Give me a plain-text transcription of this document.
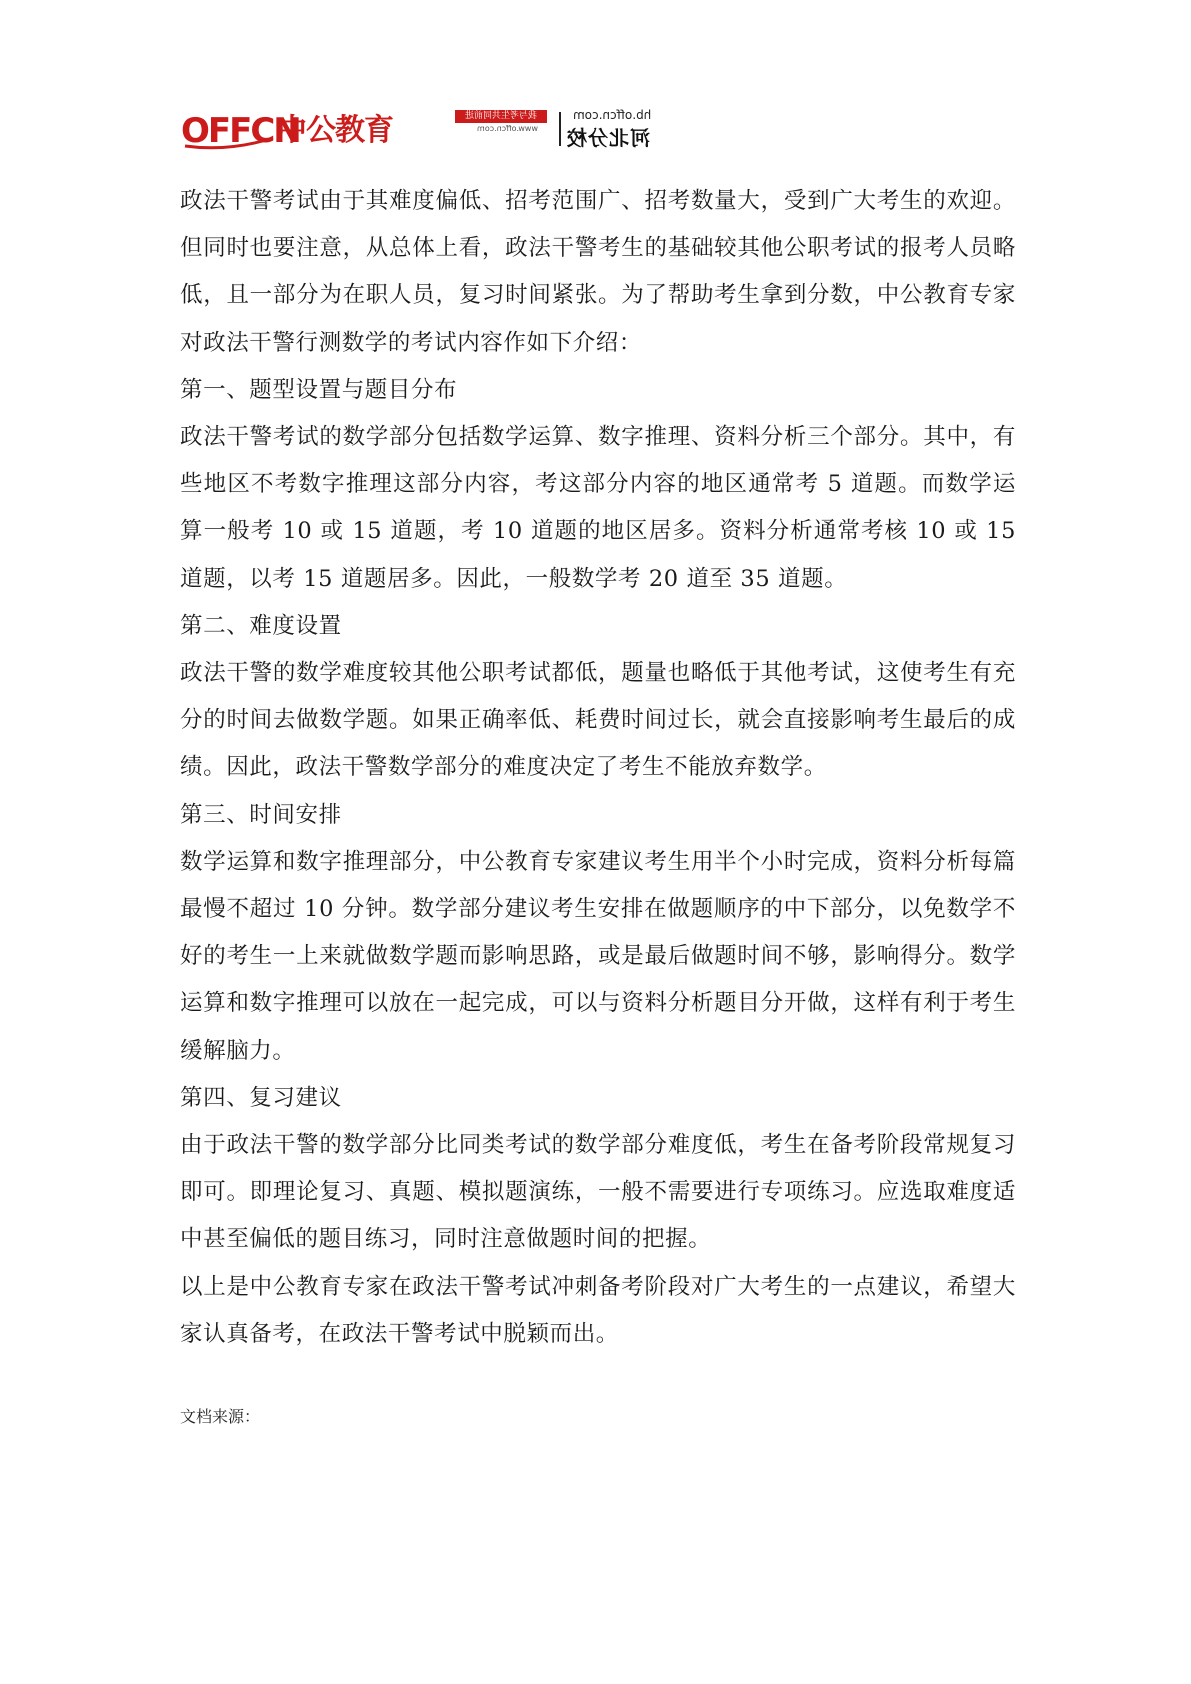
OFFCN
中公教育	我与考生共同前进
www.offcn.com
hb.offcn.com
河北分校

政法干警考试由于其难度偏低、招考范围广、招考数量大，受到广大考生的欢迎。但同时也要注意，从总体上看，政法干警考生的基础较其他公职考试的报考人员略低，且一部分为在职人员，复习时间紧张。为了帮助考生拿到分数，中公教育专家对政法干警行测数学的考试内容作如下介绍：

第一、题型设置与题目分布

政法干警考试的数学部分包括数学运算、数字推理、资料分析三个部分。其中，有些地区不考数字推理这部分内容，考这部分内容的地区通常考 5 道题。而数学运算一般考 10 或 15 道题，考 10 道题的地区居多。资料分析通常考核 10 或 15道题，以考 15 道题居多。因此，一般数学考 20 道至 35 道题。

第二、难度设置

政法干警的数学难度较其他公职考试都低，题量也略低于其他考试，这使考生有充分的时间去做数学题。如果正确率低、耗费时间过长，就会直接影响考生最后的成绩。因此，政法干警数学部分的难度决定了考生不能放弃数学。

第三、时间安排

数学运算和数字推理部分，中公教育专家建议考生用半个小时完成，资料分析每篇最慢不超过 10 分钟。数学部分建议考生安排在做题顺序的中下部分，以免数学不好的考生一上来就做数学题而影响思路，或是最后做题时间不够，影响得分。数学运算和数字推理可以放在一起完成，可以与资料分析题目分开做，这样有利于考生缓解脑力。

第四、复习建议

由于政法干警的数学部分比同类考试的数学部分难度低，考生在备考阶段常规复习即可。即理论复习、真题、模拟题演练，一般不需要进行专项练习。应选取难度适中甚至偏低的题目练习，同时注意做题时间的把握。

以上是中公教育专家在政法干警考试冲刺备考阶段对广大考生的一点建议，希望大家认真备考，在政法干警考试中脱颖而出。

文档来源：
